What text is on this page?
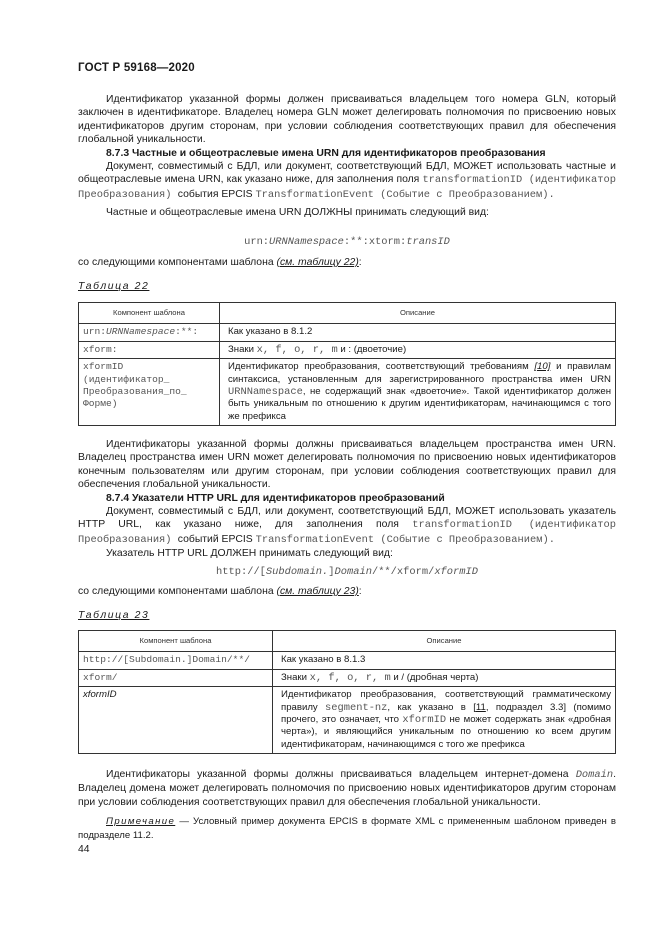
ГОСТ Р 59168—2020

Идентификатор указанной формы должен присваиваться владельцем того номера GLN, который заключен в идентификаторе. Владелец номера GLN может делегировать полномочия по присвоению новых идентификаторов другим сторонам, при условии соблюдения соответствующих правил для обеспечения глобальной уникальности.

8.7.3 Частные и общеотраслевые имена URN для идентификаторов преобразования

Документ, совместимый с БДЛ, или документ, соответствующий БДЛ, МОЖЕТ использовать частные и общеотраслевые имена URN, как указано ниже, для заполнения поля transformationID (идентификатор Преобразования) события EPCIS TransformationEvent (Событие с Преобразованием).

Частные и общеотраслевые имена URN ДОЛЖНЫ принимать следующий вид:

urn:URNNamespace:**:xtorm:transID

со следующими компонентами шаблона (см. таблицу 22):

Таблица 22
Компонент шаблона	Описание
urn:URNNamespace:**:	Как указано в 8.1.2
xform:	Знаки x, f, o, r, m и : (двоеточие)
xformID (идентификатор_ Преобразования_по_ Форме)	Идентификатор преобразования, соответствующий требованиям [10] и правилам синтаксиса, установленным для зарегистрированного пространства имен URN URNNamespace, не содержащий знак «двоеточие». Такой идентификатор должен быть уникальным по отношению к другим идентификаторам, начинающимся с того же префикса

Идентификаторы указанной формы должны присваиваться владельцем пространства имен URN. Владелец пространства имен URN может делегировать полномочия по присвоению новых идентификаторов конечным пользователям или другим сторонам, при условии соблюдения соответствующих правил для обеспечения глобальной уникальности.

8.7.4 Указатели HTTP URL для идентификаторов преобразований

Документ, совместимый с БДЛ, или документ, соответствующий БДЛ, МОЖЕТ использовать указатель HTTP URL, как указано ниже, для заполнения поля transformationID (идентификатор Преобразования) событий EPCIS TransformationEvent (Событие с Преобразованием).

Указатель HTTP URL ДОЛЖЕН принимать следующий вид:

http://[Subdomain.]Domain/**/xform/xformID

со следующими компонентами шаблона (см. таблицу 23):

Таблица 23
Компонент шаблона	Описание
http://[Subdomain.]Domain/**/	Как указано в 8.1.3
xform/	Знаки x, f, o, r, m и / (дробная черта)
xformID	Идентификатор преобразования, соответствующий грамматическому правилу segment-nz, как указано в [11, подраздел 3.3] (помимо прочего, это означает, что xformID не может содержать знак «дробная черта»), и являющийся уникальным по отношению ко всем другим идентификаторам, начинающимся с того же префикса

Идентификаторы указанной формы должны присваиваться владельцем интернет-домена Domain. Владелец домена может делегировать полномочия по присвоению новых идентификаторов другим сторонам при условии соблюдения соответствующих правил для обеспечения глобальной уникальности.

Примечание — Условный пример документа EPCIS в формате XML с примененным шаблоном приведен в подразделе 11.2.

44
